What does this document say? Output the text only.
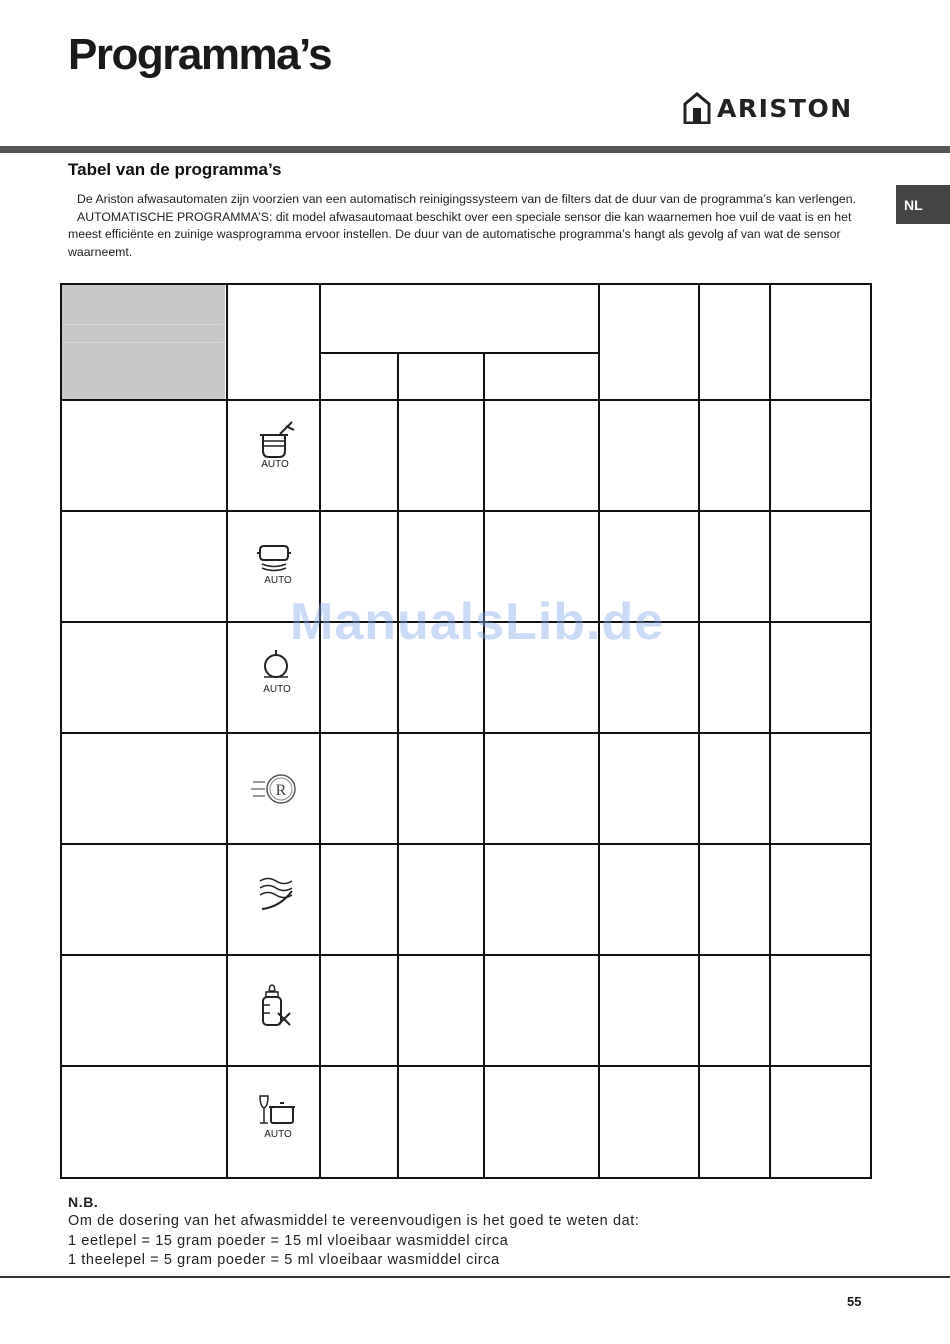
Programma’s
ARISTON
NL
Tabel van de programma’s

De Ariston afwasautomaten zijn voorzien van een automatisch reinigingssysteem van de filters dat de duur van de programma’s kan verlengen.

AUTOMATISCHE PROGRAMMA’S: dit model afwasautomaat beschikt over een speciale sensor die kan waarnemen hoe vuil de vaat is en het meest efficiënte en zuinige wasprogramma ervoor instellen. De duur van de automatische programma’s hangt als gevolg af van wat de sensor waarneemt.

AUTO
AUTO
AUTO
R
AUTO
ManualsLib.de
N.B.
Om de dosering van het afwasmiddel te vereenvoudigen is het goed te weten dat:
1 eetlepel = 15 gram poeder = 15 ml vloeibaar wasmiddel circa
1 theelepel = 5 gram poeder = 5 ml vloeibaar wasmiddel circa
55
